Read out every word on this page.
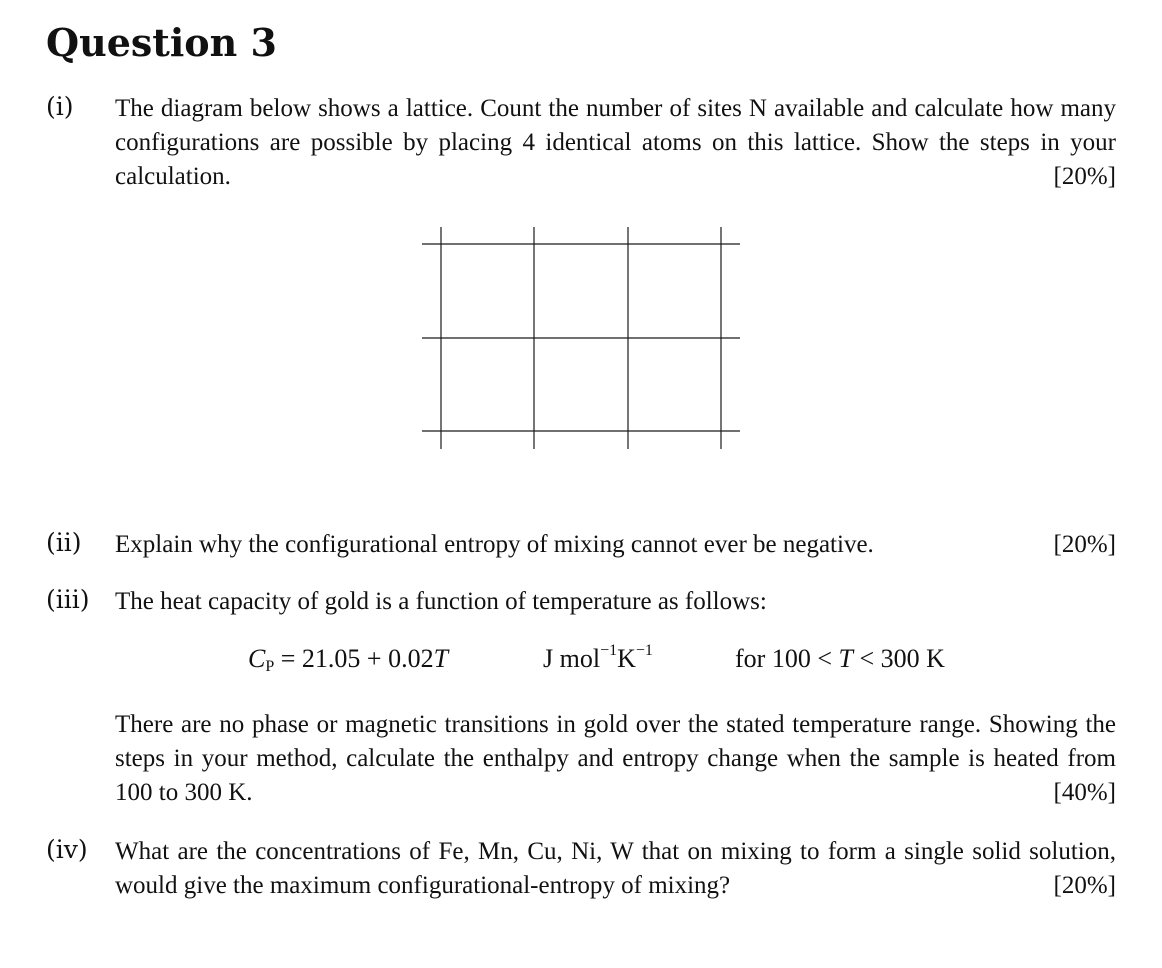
Question 3
(i) The diagram below shows a lattice. Count the number of sites N available and calculate how many configurations are possible by placing 4 identical atoms on this lattice. Show the steps in your calculation.	[20%]
(ii) Explain why the configurational entropy of mixing cannot ever be negative.	[20%]
(iii) The heat capacity of gold is a function of temperature as follows:
$C_P = 21.05 + 0.02T$	J $mol^{-1}K^{-1}$	for 100 < T < 300 K
There are no phase or magnetic transitions in gold over the stated temperature range. Showing the steps in your method, calculate the enthalpy and entropy change when the sample is heated from 100 to 300 K.	[40%]
(iv) What are the concentrations of Fe, Mn, Cu, Ni, W that on mixing to form a single solid solution, would give the maximum configurational-entropy of mixing?	[20%]
